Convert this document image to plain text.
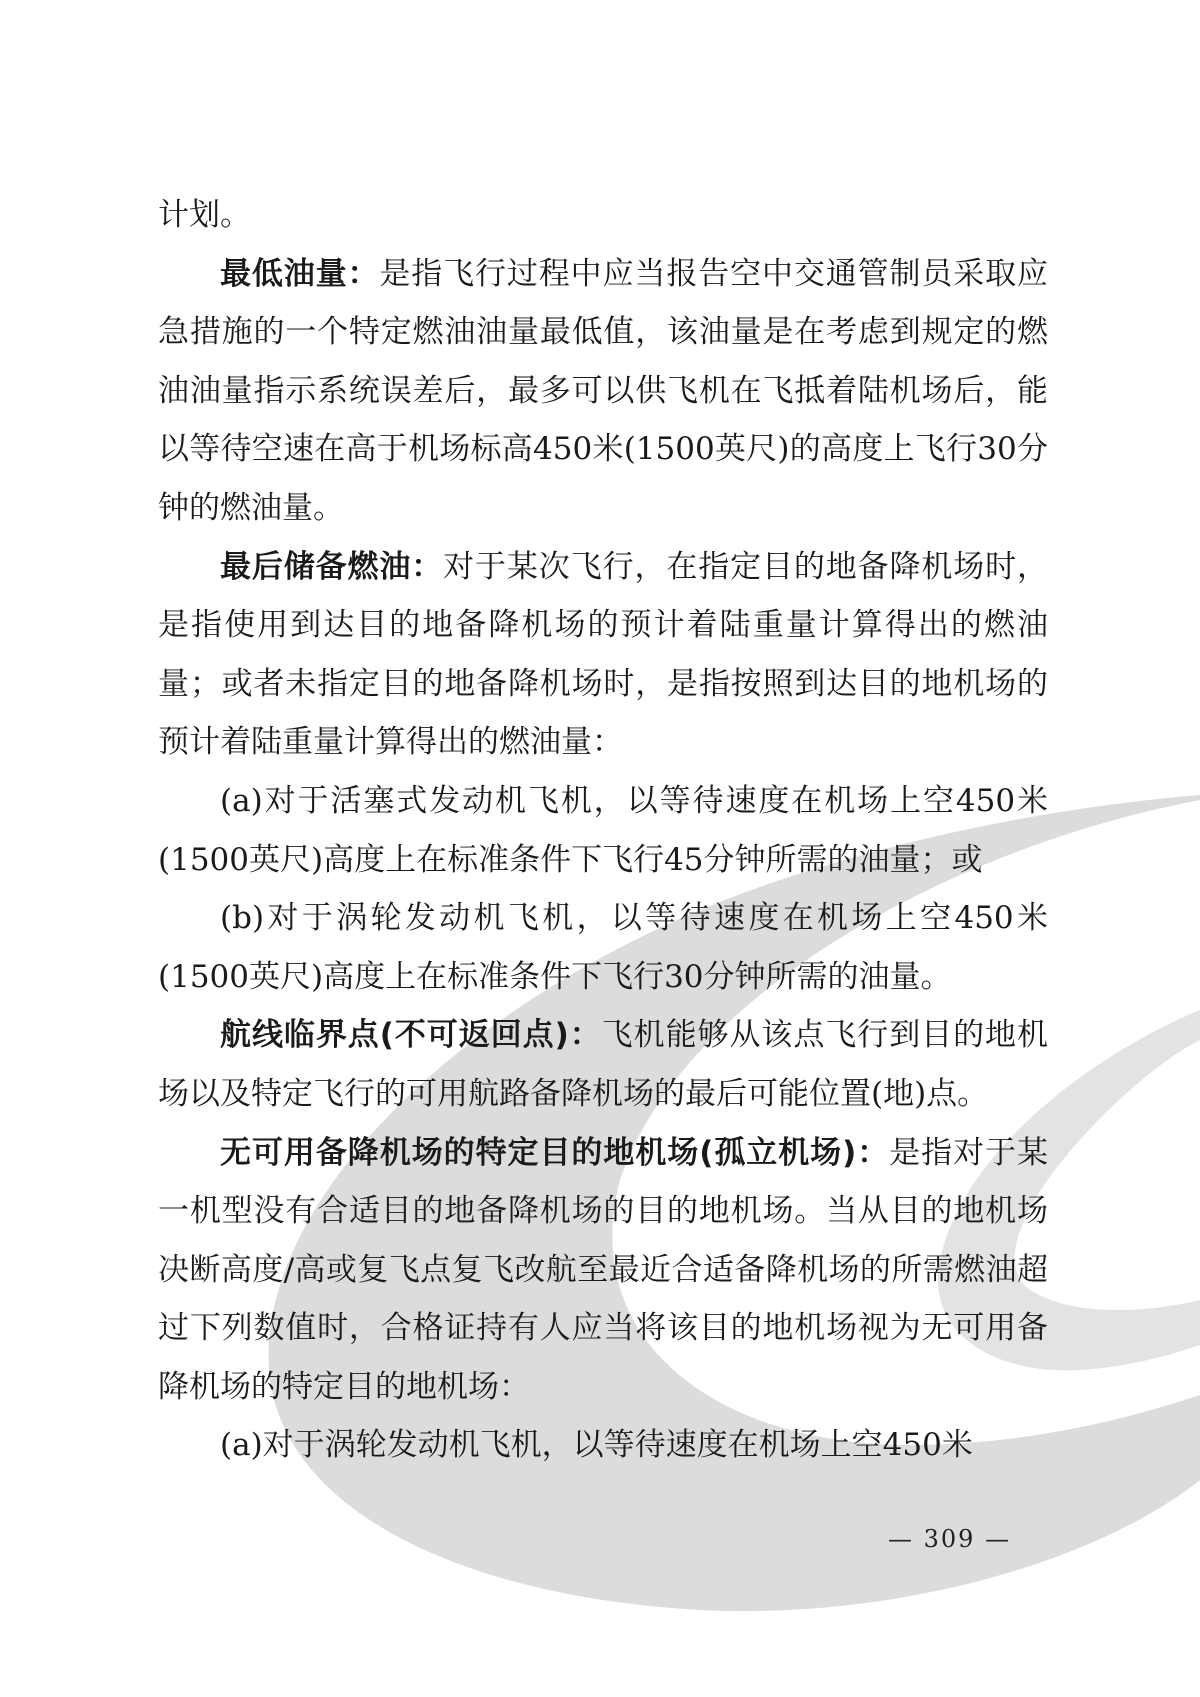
计划。

最低油量：是指飞行过程中应当报告空中交通管制员采取应急措施的一个特定燃油油量最低值，该油量是在考虑到规定的燃油油量指示系统误差后，最多可以供飞机在飞抵着陆机场后，能以等待空速在高于机场标高450米(1500英尺)的高度上飞行30分钟的燃油量。

最后储备燃油：对于某次飞行，在指定目的地备降机场时，是指使用到达目的地备降机场的预计着陆重量计算得出的燃油量；或者未指定目的地备降机场时，是指按照到达目的地机场的预计着陆重量计算得出的燃油量：

(a)对于活塞式发动机飞机，以等待速度在机场上空450米(1500英尺)高度上在标准条件下飞行45分钟所需的油量；或

(b)对于涡轮发动机飞机，以等待速度在机场上空450米(1500英尺)高度上在标准条件下飞行30分钟所需的油量。

航线临界点(不可返回点)：飞机能够从该点飞行到目的地机场以及特定飞行的可用航路备降机场的最后可能位置(地)点。

无可用备降机场的特定目的地机场(孤立机场)：是指对于某一机型没有合适目的地备降机场的目的地机场。当从目的地机场决断高度/高或复飞点复飞改航至最近合适备降机场的所需燃油超过下列数值时，合格证持有人应当将该目的地机场视为无可用备降机场的特定目的地机场：

(a)对于涡轮发动机飞机，以等待速度在机场上空450米

— 309 —
